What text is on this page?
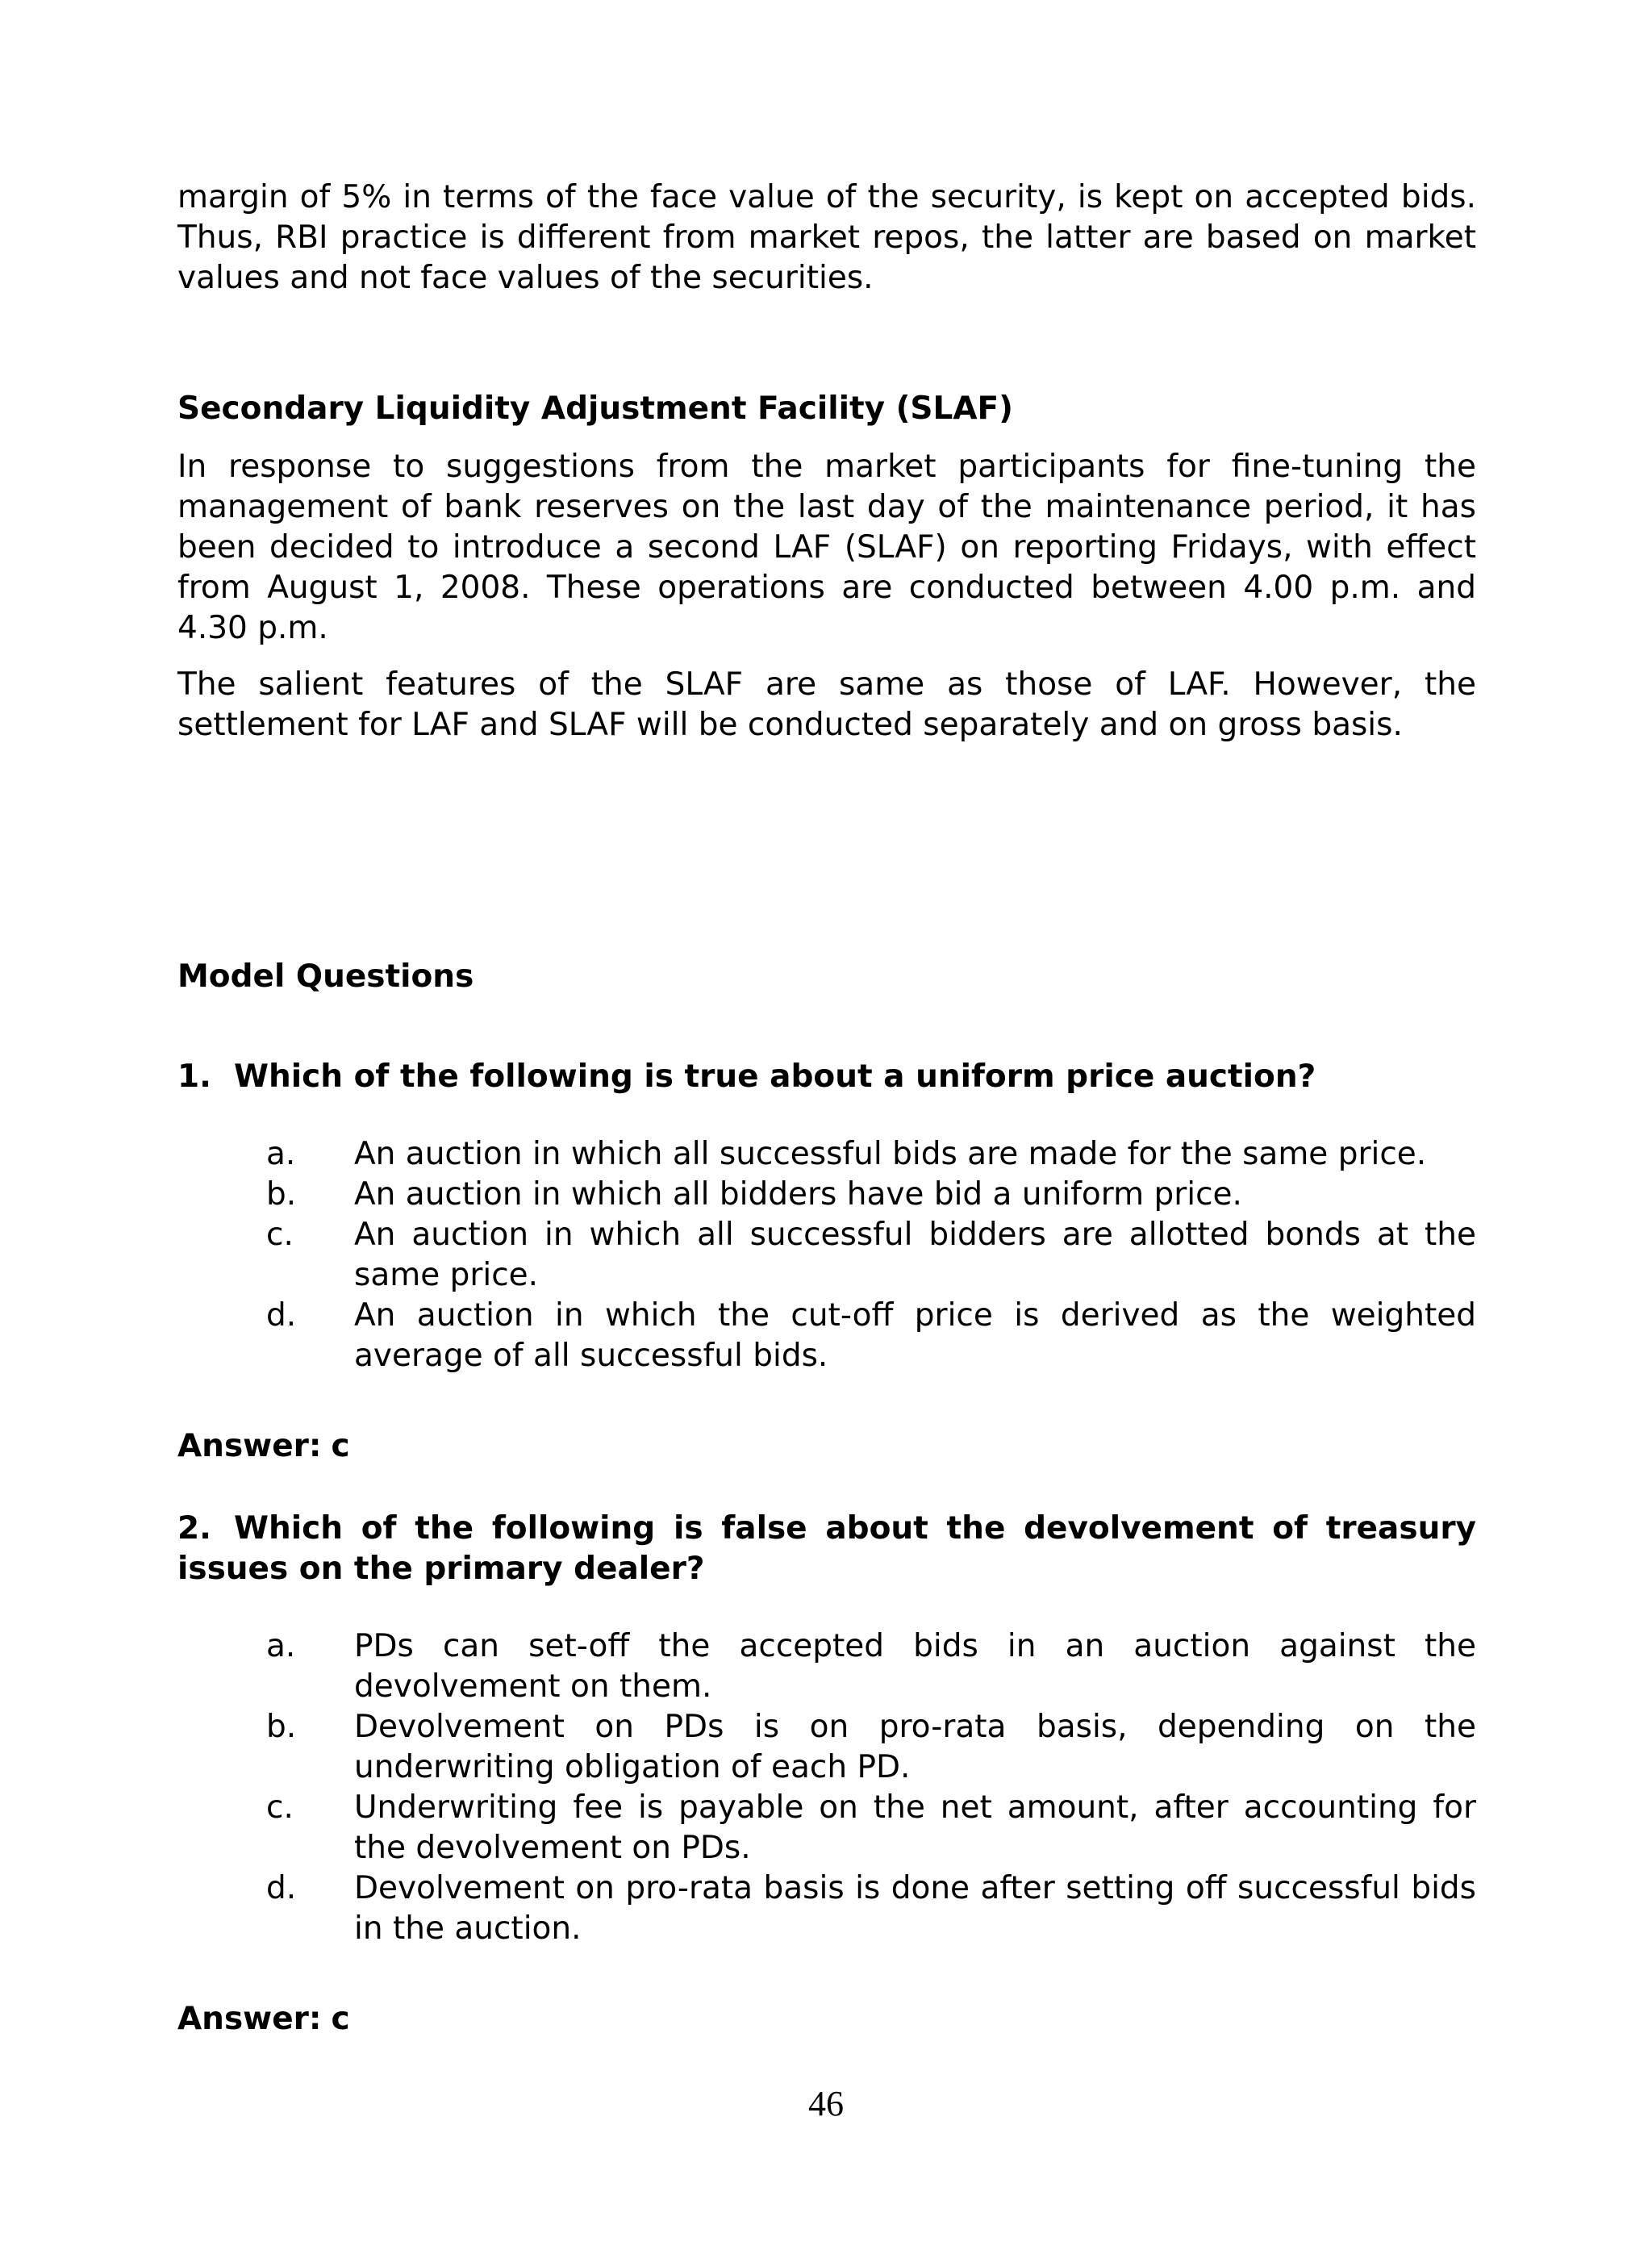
margin of 5% in terms of the face value of the security, is kept on accepted bids. Thus, RBI practice is different from market repos, the latter are based on market values and not face values of the securities.

Secondary Liquidity Adjustment Facility (SLAF)

In response to suggestions from the market participants for fine-tuning the management of bank reserves on the last day of the maintenance period, it has been decided to introduce a second LAF (SLAF) on reporting Fridays, with effect from August 1, 2008. These operations are conducted between 4.00 p.m. and 4.30 p.m.

The salient features of the SLAF are same as those of LAF. However, the settlement for LAF and SLAF will be conducted separately and on gross basis.

Model Questions
1. Which of the following is true about a uniform price auction?
a.	An auction in which all successful bids are made for the same price.
b.	An auction in which all bidders have bid a uniform price.
c.	An auction in which all successful bidders are allotted bonds at the same price.
d.	An auction in which the cut-off price is derived as the weighted average of all successful bids.
Answer: c
2. Which of the following is false about the devolvement of treasury issues on the primary dealer?
a.	PDs can set-off the accepted bids in an auction against the devolvement on them.
b.	Devolvement on PDs is on pro-rata basis, depending on the underwriting obligation of each PD.
c.	Underwriting fee is payable on the net amount, after accounting for the devolvement on PDs.
d.	Devolvement on pro-rata basis is done after setting off successful bids in the auction.
Answer: c
46
